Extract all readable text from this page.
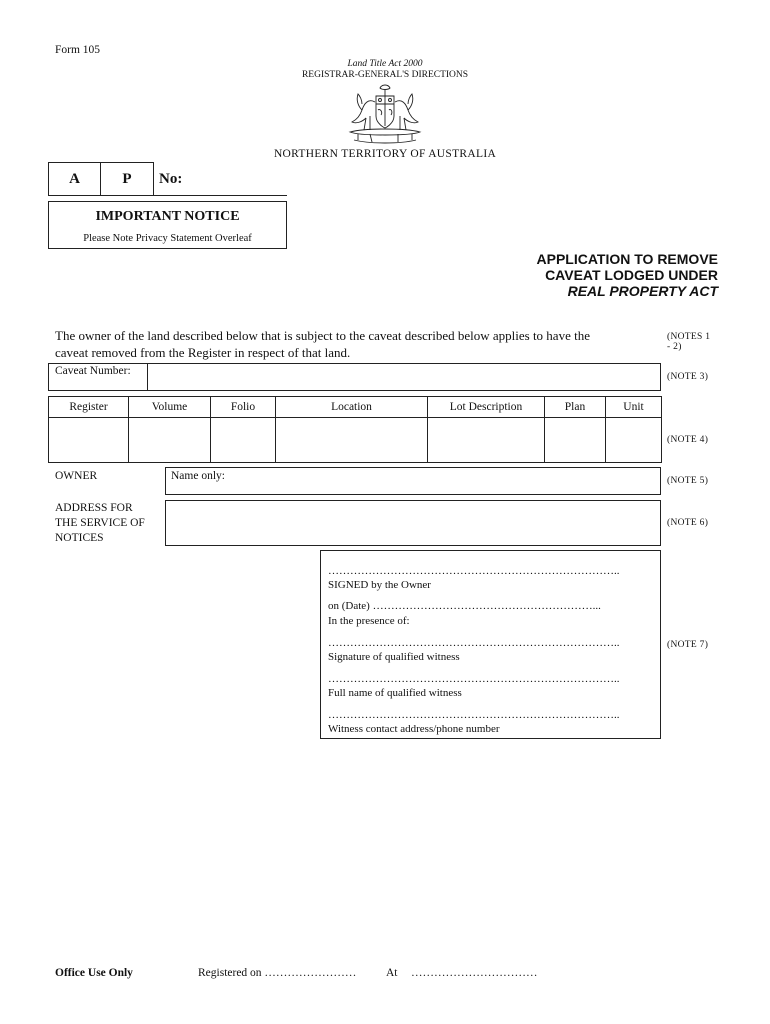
Form 105
Land Title Act 2000
REGISTRAR-GENERAL'S DIRECTIONS
NORTHERN TERRITORY OF AUSTRALIA
A	P	No:
IMPORTANT NOTICE
Please Note Privacy Statement Overleaf
APPLICATION TO REMOVE
CAVEAT LODGED UNDER
REAL PROPERTY ACT
The owner of the land described below that is subject to the caveat described below applies to have the
caveat removed from the Register in respect of that land.
(NOTES 1
- 2)
Caveat Number:	(NOTE 3)
Register	Volume	Folio	Location	Lot Description	Plan	Unit

(NOTE 4)
OWNER	Name only:	(NOTE 5)
ADDRESS FOR
THE SERVICE OF
NOTICES
(NOTE 6)
……………………………………………………………………..
SIGNED by the Owner
on (Date) ……………………………………………………...
In the presence of:
……………………………………………………………………..
Signature of qualified witness
……………………………………………………………………..
Full name of qualified witness
……………………………………………………………………..
Witness contact address/phone number
(NOTE 7)
Office Use Only	Registered on ……………………	At ……………………………
